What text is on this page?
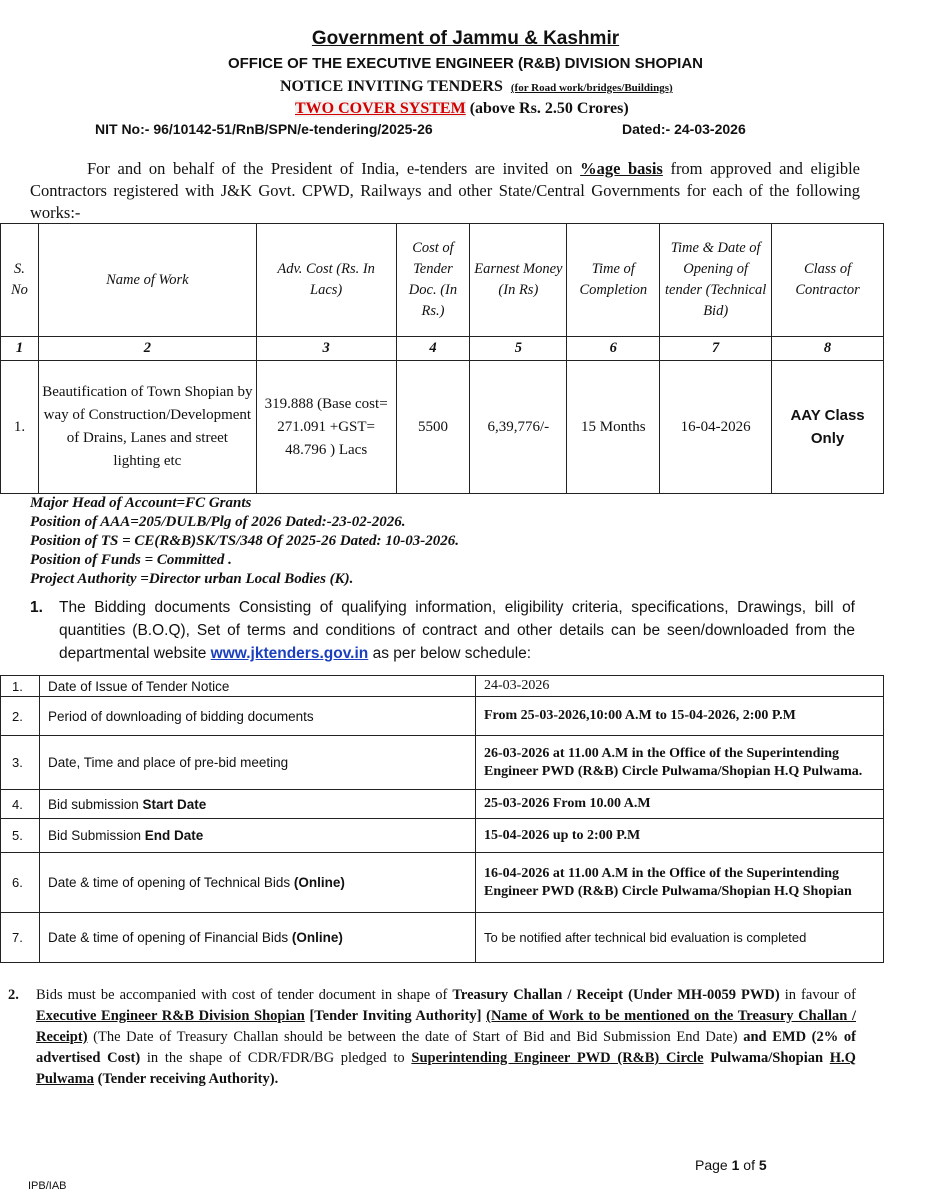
Government of Jammu & Kashmir
OFFICE OF THE EXECUTIVE ENGINEER (R&B) DIVISION SHOPIAN
NOTICE INVITING TENDERS (for Road work/bridges/Buildings)
TWO COVER SYSTEM (above Rs. 2.50 Crores)
NIT No:- 96/10142-51/RnB/SPN/e-tendering/2025-26	Dated:- 24-03-2026
For and on behalf of the President of India, e-tenders are invited on %age basis from approved and eligible Contractors registered with J&K Govt. CPWD, Railways and other State/Central Governments for each of the following works:-
S. No	Name of Work	Adv. Cost (Rs. In Lacs)	Cost of Tender Doc. (In Rs.)	Earnest Money (In Rs)	Time of Completion	Time & Date of Opening of tender (Technical Bid)	Class of Contractor
1	2	3	4	5	6	7	8
1.	Beautification of Town Shopian by way of Construction/Development of Drains, Lanes and street lighting etc	319.888 (Base cost= 271.091 +GST= 48.796 ) Lacs	5500	6,39,776/-	15 Months	16-04-2026	AAY Class Only
Major Head of Account=FC Grants
Position of AAA=205/DULB/Plg of 2026 Dated:-23-02-2026.
Position of TS = CE(R&B)SK/TS/348 Of 2025-26 Dated: 10-03-2026.
Position of Funds = Committed .
Project Authority =Director urban Local Bodies (K).
1. The Bidding documents Consisting of qualifying information, eligibility criteria, specifications, Drawings, bill of quantities (B.O.Q), Set of terms and conditions of contract and other details can be seen/downloaded from the departmental website www.jktenders.gov.in as per below schedule:
1.	Date of Issue of Tender Notice	24-03-2026
2.	Period of downloading of bidding documents	From 25-03-2026,10:00 A.M to 15-04-2026, 2:00 P.M
3.	Date, Time and place of pre-bid meeting	26-03-2026 at 11.00 A.M in the Office of the Superintending Engineer PWD (R&B) Circle Pulwama/Shopian H.Q Pulwama.
4.	Bid submission Start Date	25-03-2026 From 10.00 A.M
5.	Bid Submission End Date	15-04-2026 up to 2:00 P.M
6.	Date & time of opening of Technical Bids (Online)	16-04-2026 at 11.00 A.M in the Office of the Superintending Engineer PWD (R&B) Circle Pulwama/Shopian H.Q Shopian
7.	Date & time of opening of Financial Bids (Online)	To be notified after technical bid evaluation is completed
2. Bids must be accompanied with cost of tender document in shape of Treasury Challan / Receipt (Under MH-0059 PWD) in favour of Executive Engineer R&B Division Shopian [Tender Inviting Authority] (Name of Work to be mentioned on the Treasury Challan / Receipt) (The Date of Treasury Challan should be between the date of Start of Bid and Bid Submission End Date) and EMD (2% of advertised Cost) in the shape of CDR/FDR/BG pledged to Superintending Engineer PWD (R&B) Circle Pulwama/Shopian H.Q Pulwama (Tender receiving Authority).
Page 1 of 5
IPB/IAB
